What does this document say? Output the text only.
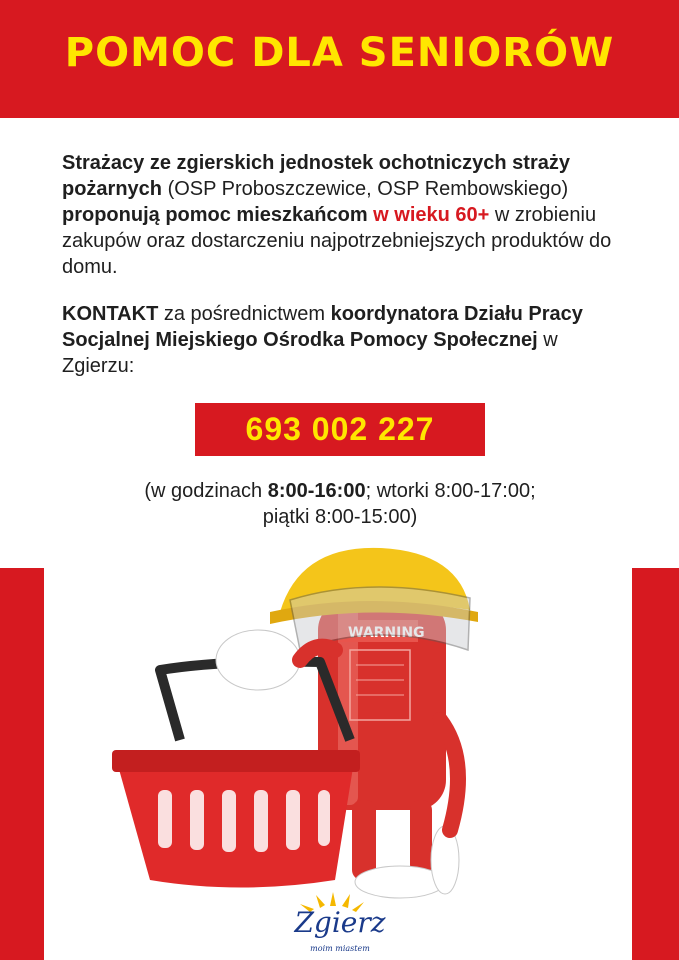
POMOC DLA SENIORÓW

Strażacy ze zgierskich jednostek ochotniczych straży pożarnych (OSP Proboszczewice, OSP Rembowskiego) proponują pomoc mieszkańcom w wieku 60+ w zrobieniu zakupów oraz dostarczeniu najpotrzebniejszych produktów do domu.

KONTAKT za pośrednictwem koordynatora Działu Pracy Socjalnej Miejskiego Ośrodka Pomocy Społecznej w Zgierzu:

693 002 227
(w godzinach 8:00-16:00; wtorki 8:00-17:00;
piątki 8:00-15:00)
WARNING
Zgierz
moim miastem
